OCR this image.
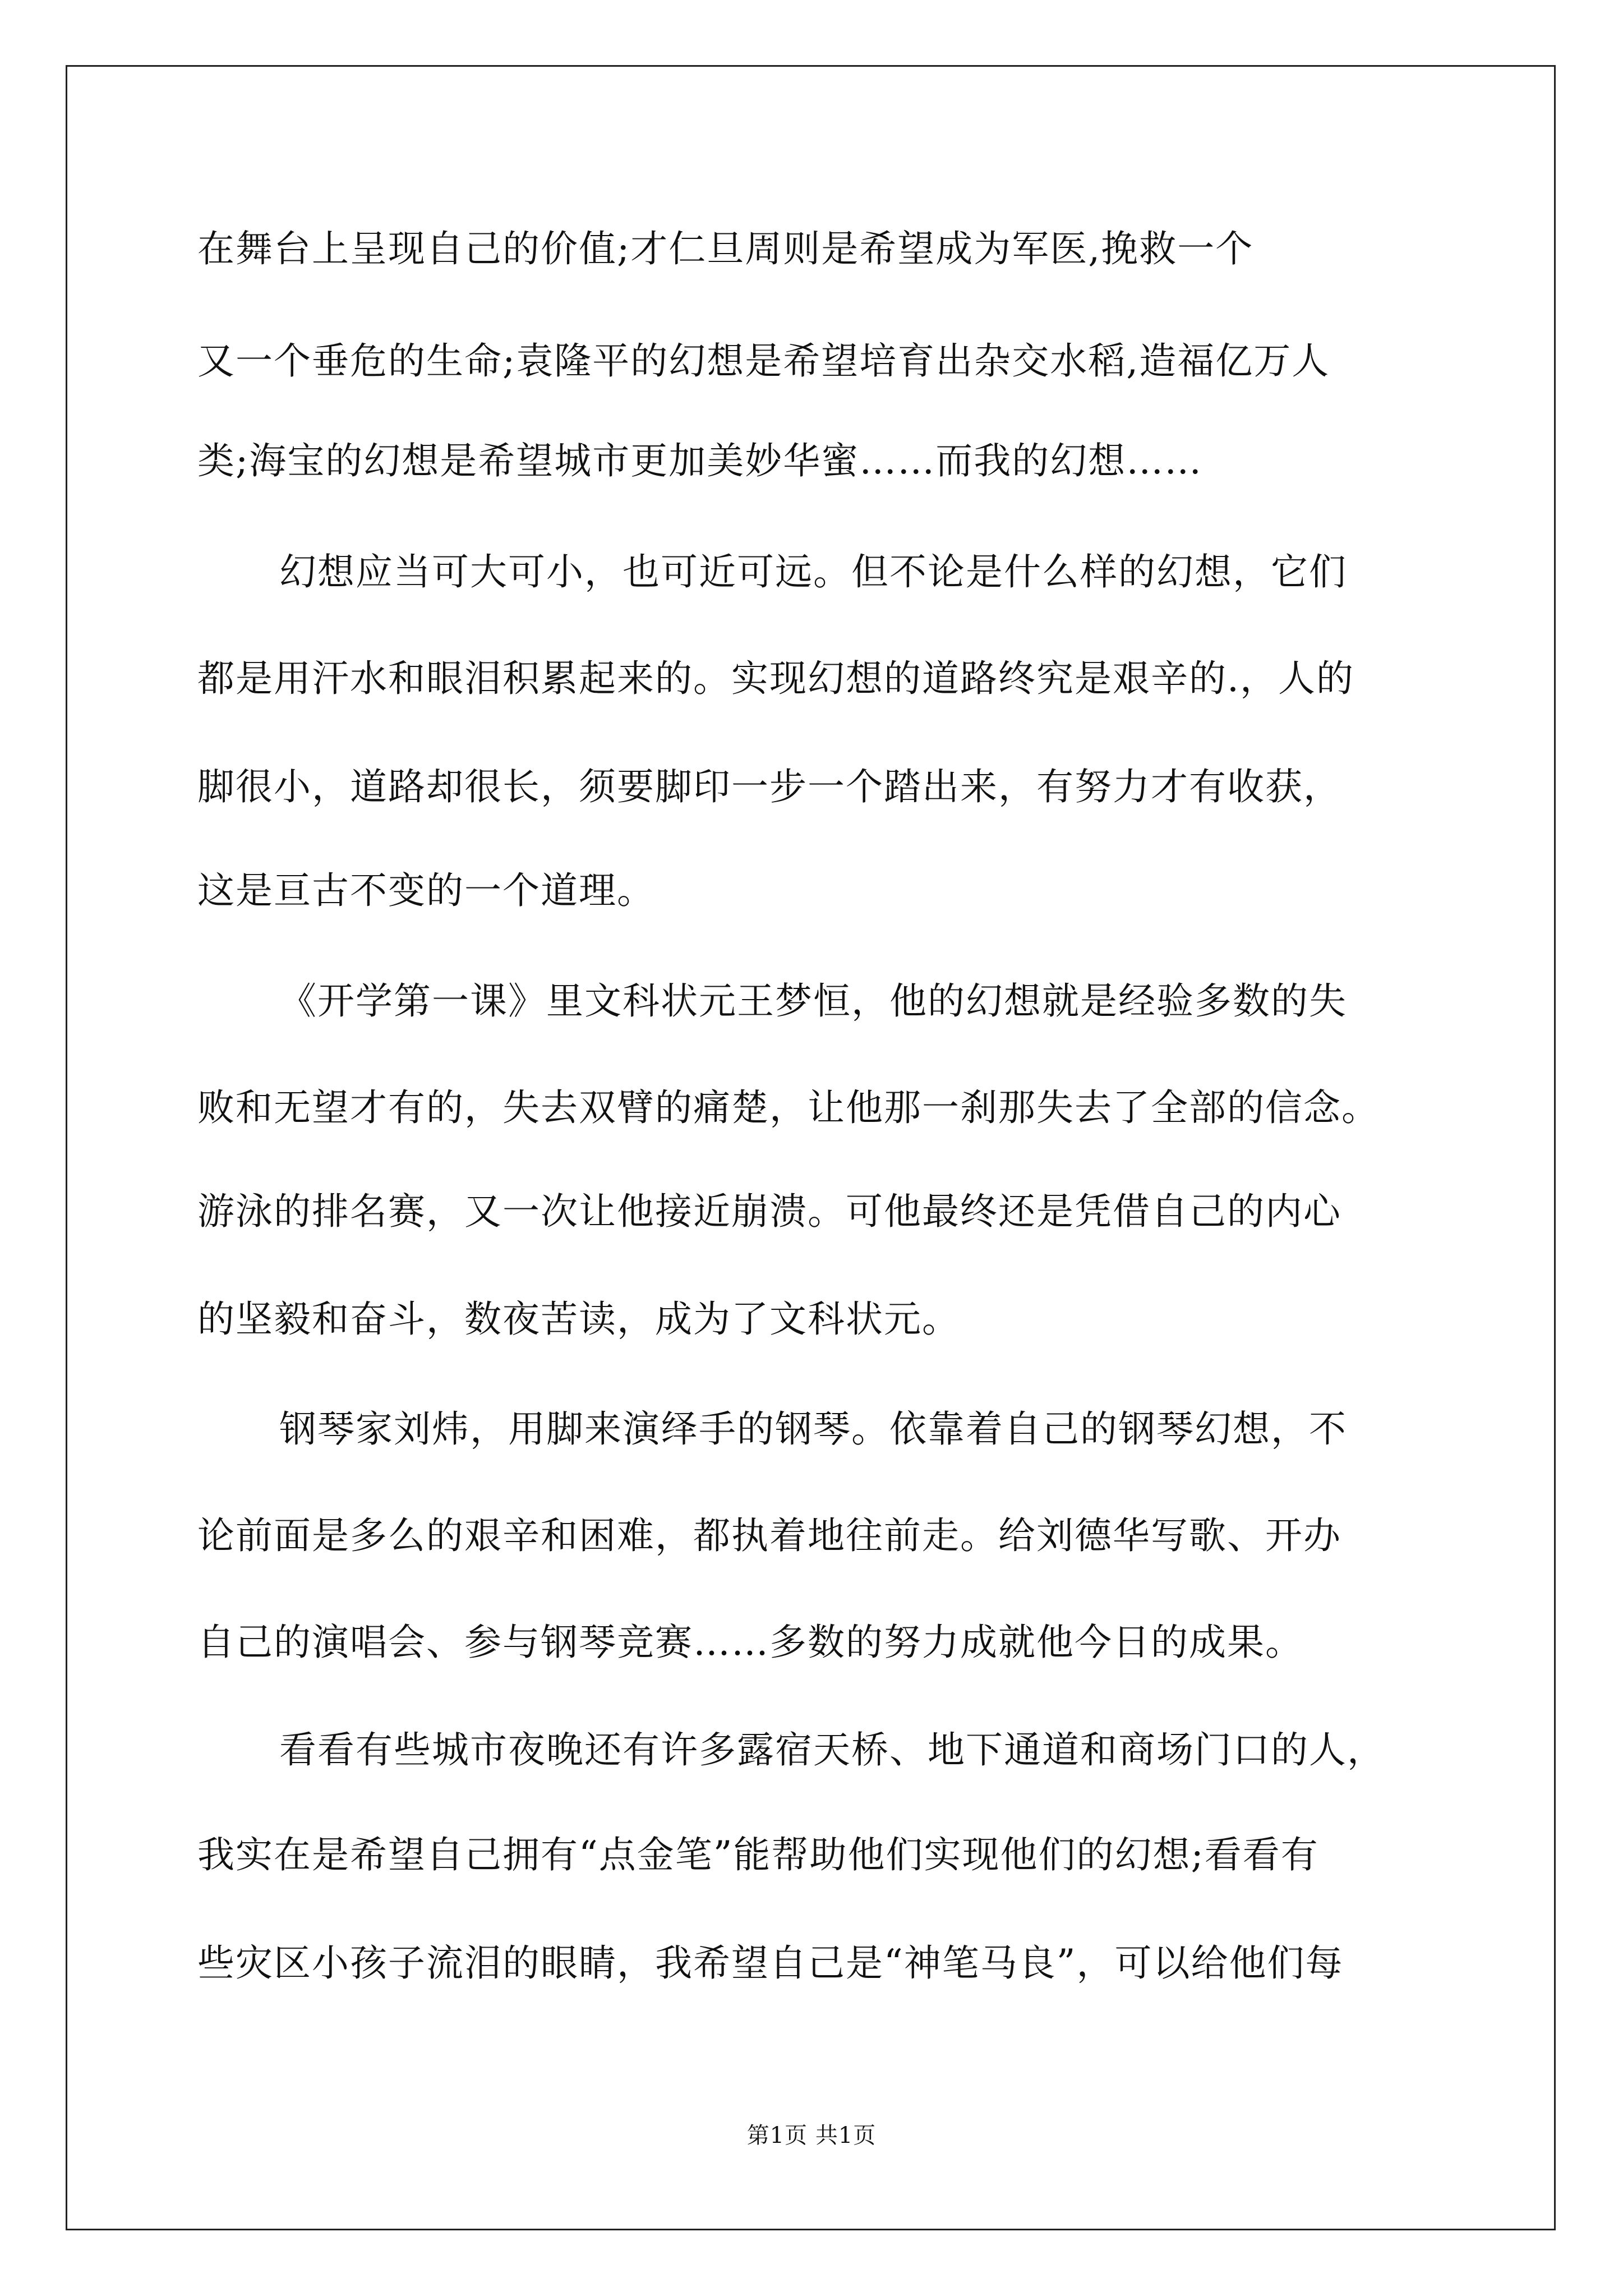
在舞台上呈现自己的价值;才仁旦周则是希望成为军医,挽救一个
又一个垂危的生命;袁隆平的幻想是希望培育出杂交水稻,造福亿万人
类;海宝的幻想是希望城市更加美妙华蜜……而我的幻想……
幻想应当可大可小，也可近可远。但不论是什么样的幻想，它们
都是用汗水和眼泪积累起来的。实现幻想的道路终究是艰辛的.，人的
脚很小，道路却很长，须要脚印一步一个踏出来，有努力才有收获，
这是亘古不变的一个道理。
《开学第一课》里文科状元王梦恒，他的幻想就是经验多数的失
败和无望才有的，失去双臂的痛楚，让他那一刹那失去了全部的信念。
游泳的排名赛，又一次让他接近崩溃。可他最终还是凭借自己的内心
的坚毅和奋斗，数夜苦读，成为了文科状元。
钢琴家刘炜，用脚来演绎手的钢琴。依靠着自己的钢琴幻想，不
论前面是多么的艰辛和困难，都执着地往前走。给刘德华写歌、开办
自己的演唱会、参与钢琴竞赛……多数的努力成就他今日的成果。
看看有些城市夜晚还有许多露宿天桥、地下通道和商场门口的人，
我实在是希望自己拥有“点金笔”能帮助他们实现他们的幻想;看看有
些灾区小孩子流泪的眼睛，我希望自己是“神笔马良”，可以给他们每
第1页 共1页
